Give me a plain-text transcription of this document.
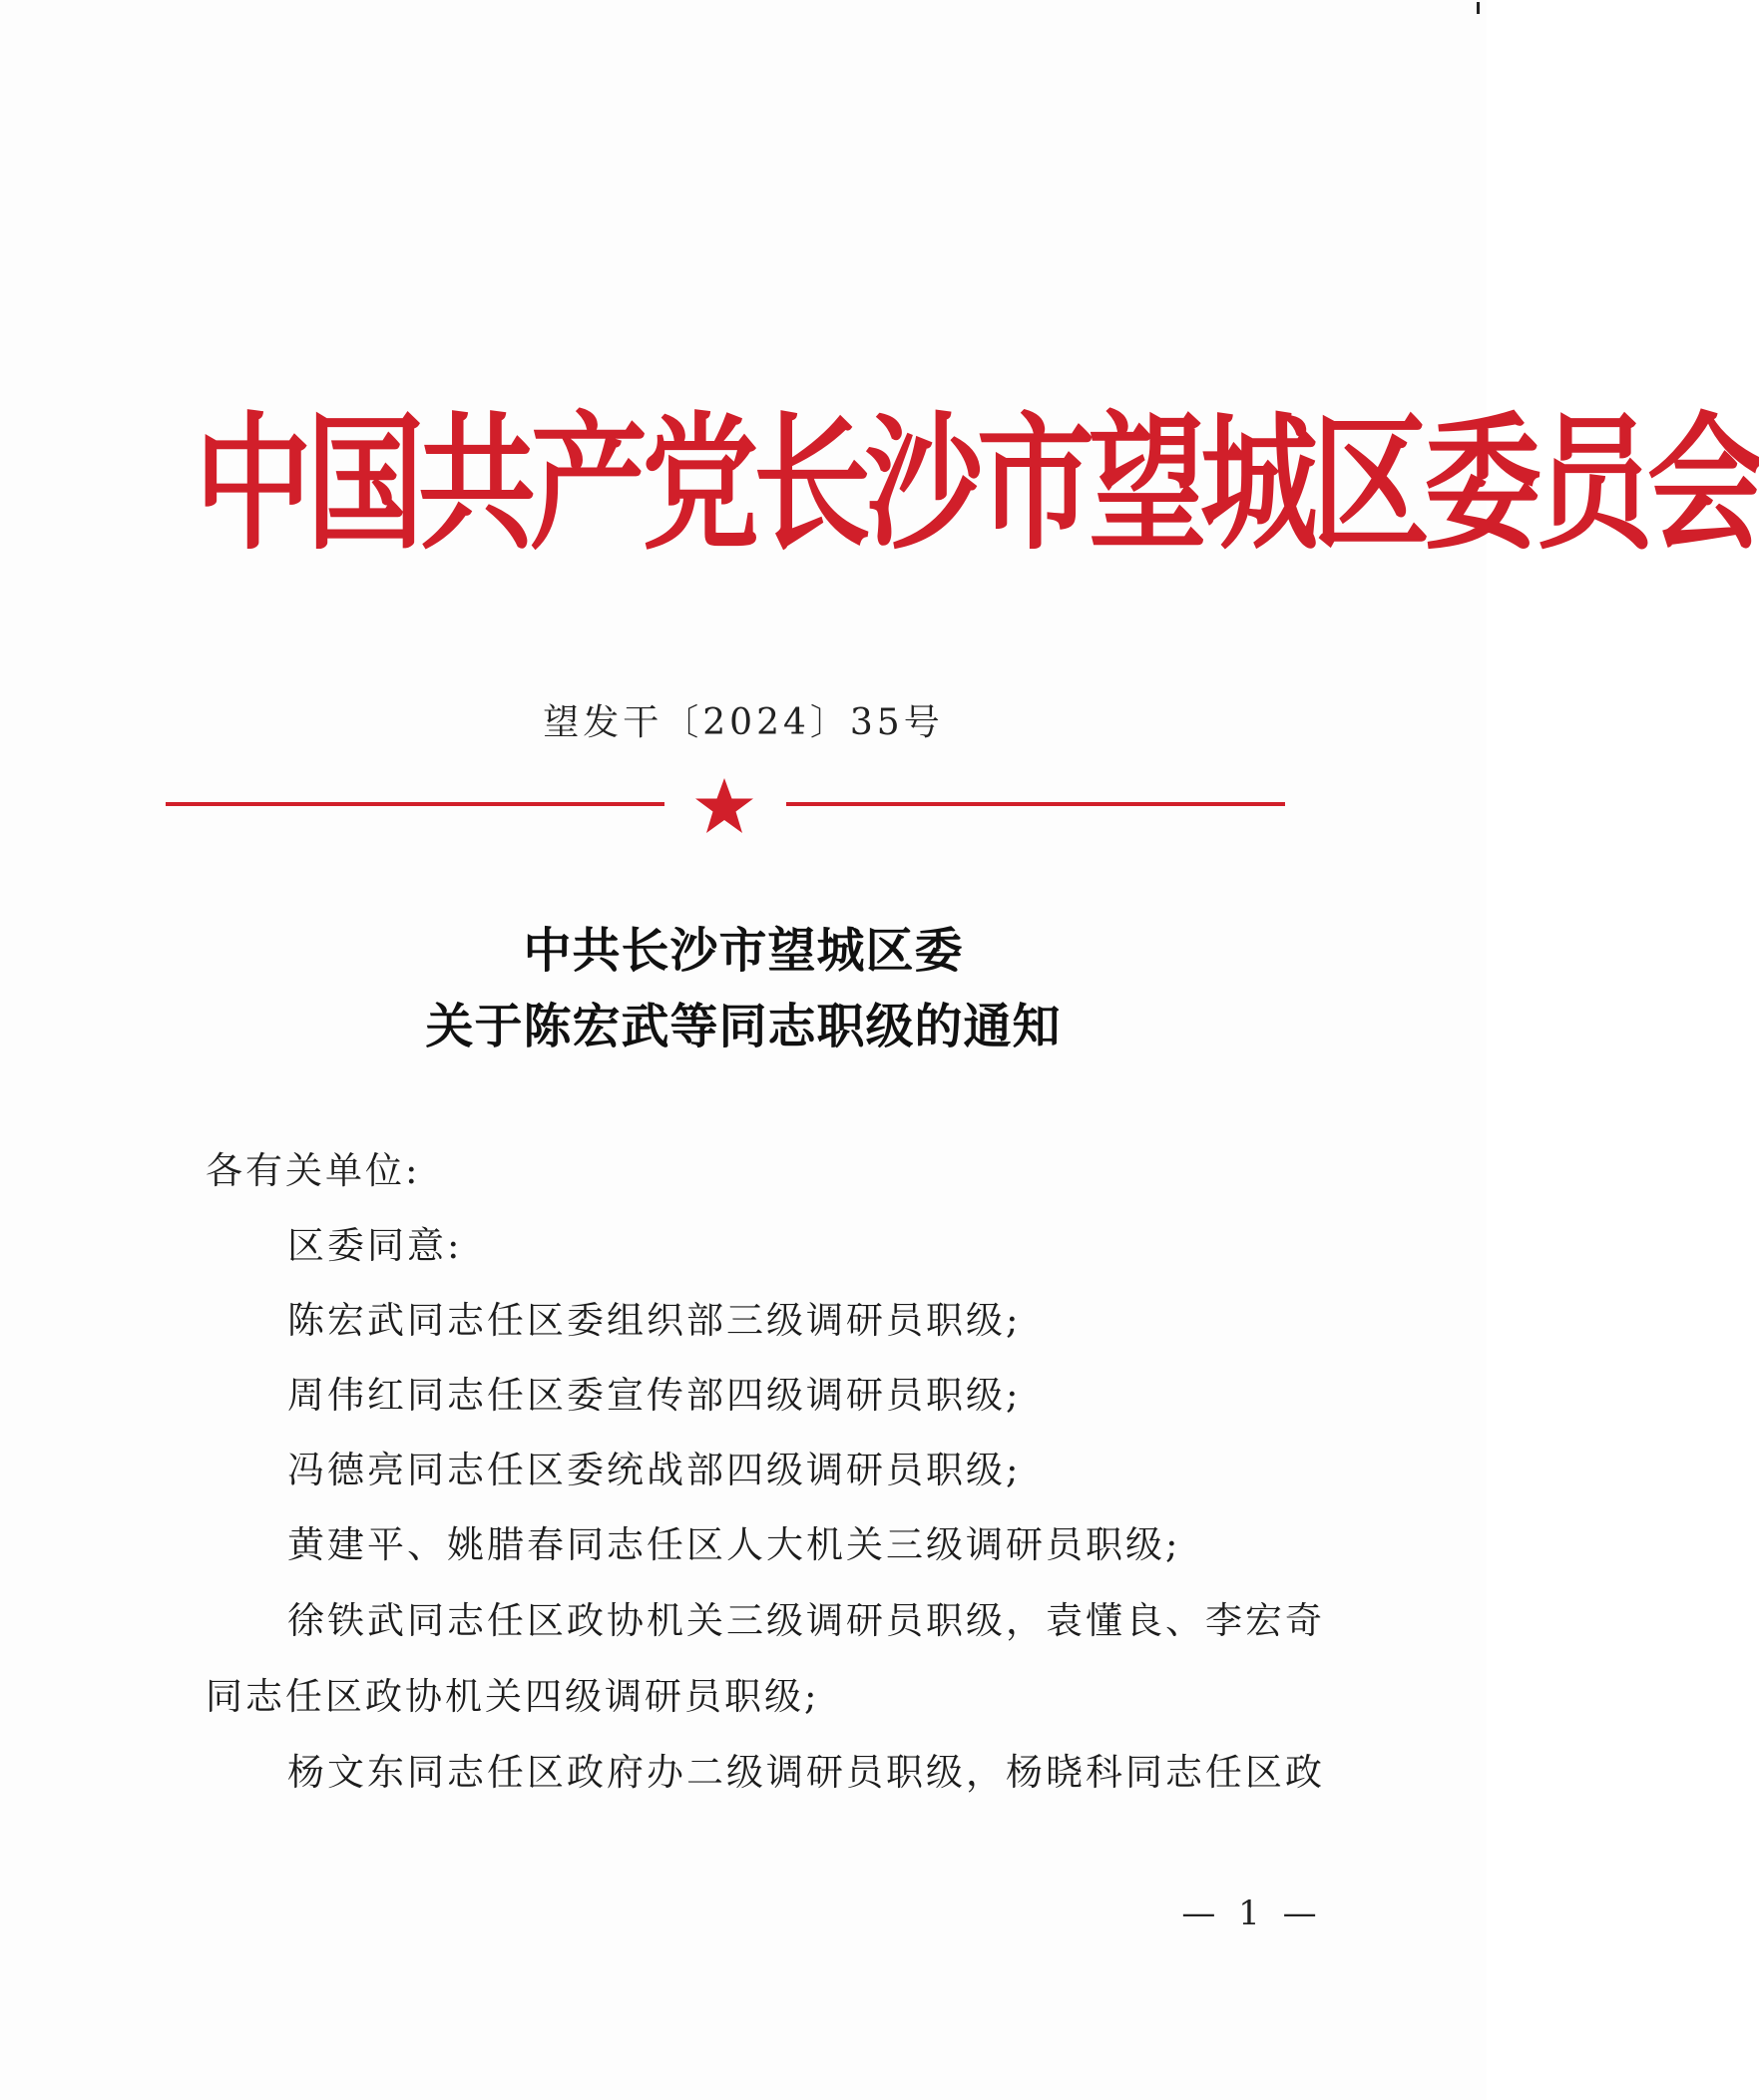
中国共产党长沙市望城区委员会
望发干〔2024〕35号
中共长沙市望城区委
关于陈宏武等同志职级的通知
各有关单位:
区委同意:
陈宏武同志任区委组织部三级调研员职级;
周伟红同志任区委宣传部四级调研员职级;
冯德亮同志任区委统战部四级调研员职级;
黄建平、姚腊春同志任区人大机关三级调研员职级;
徐铁武同志任区政协机关三级调研员职级，袁懂良、李宏奇
同志任区政协机关四级调研员职级;
杨文东同志任区政府办二级调研员职级，杨晓科同志任区政
— 1 —
